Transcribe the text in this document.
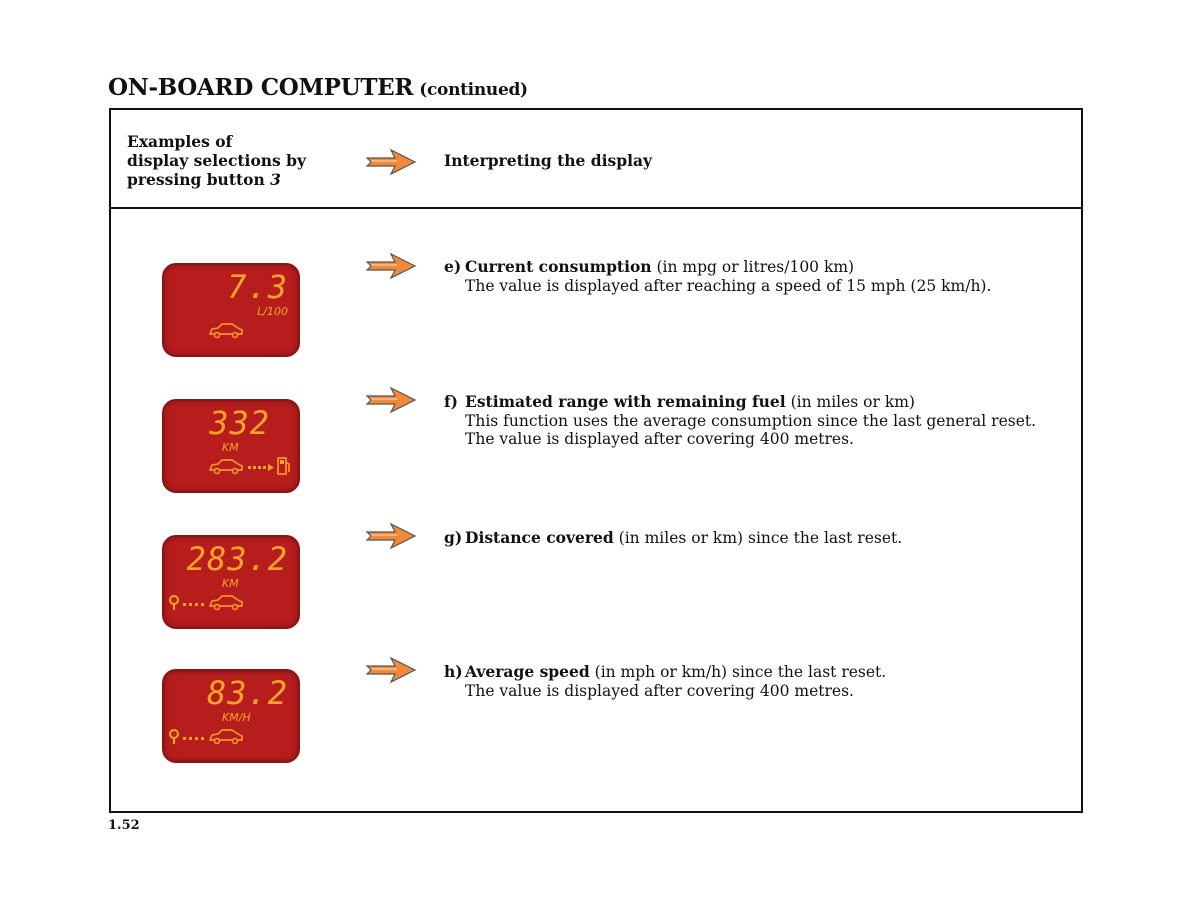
ON-BOARD COMPUTER (continued)
Examples of
display selections by
pressing button 3
Interpreting the display
7.3
L/100
e) Current consumption (in mpg or litres/100 km)
The value is displayed after reaching a speed of 15 mph (25 km/h).
332
KM
f) Estimated range with remaining fuel (in miles or km)
This function uses the average consumption since the last general reset.
The value is displayed after covering 400 metres.
283.2
KM
g) Distance covered (in miles or km) since the last reset.
83.2
KM/H
h) Average speed (in mph or km/h) since the last reset.
The value is displayed after covering 400 metres.
1.52
